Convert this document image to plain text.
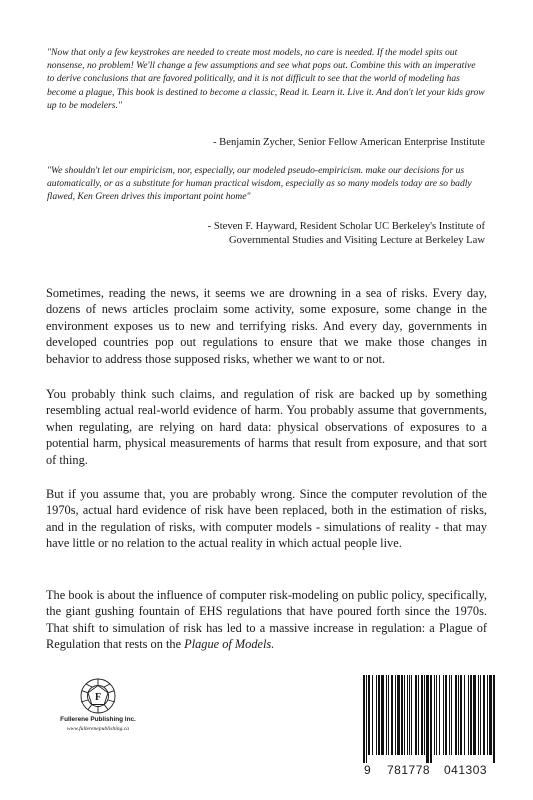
"Now that only a few keystrokes are needed to create most models, no care is needed. If the model spits out nonsense, no problem! We'll change a few assumptions and see what pops out. Combine this with an imperative to derive conclusions that are favored politically, and it is not difficult to see that the world of modeling has become a plague, This book is destined to become a classic, Read it. Learn it. Live it. And don't let your kids grow up to be modelers."

- Benjamin Zycher, Senior Fellow American Enterprise Institute

"We shouldn't let our empiricism, nor, especially, our modeled pseudo-empiricism. make our decisions for us automatically, or as a substitute for human practical wisdom, especially as so many models today are so badly flawed, Ken Green drives this important point home"

- Steven F. Hayward, Resident Scholar UC Berkeley's Institute of
Governmental Studies and Visiting Lecture at Berkeley Law

Sometimes, reading the news, it seems we are drowning in a sea of risks. Every day, dozens of news articles proclaim some activity, some exposure, some change in the environment exposes us to new and terrifying risks. And every day, governments in developed countries pop out regulations to ensure that we make those changes in behavior to address those supposed risks, whether we want to or not.

You probably think such claims, and regulation of risk are backed up by something resembling actual real-world evidence of harm. You probably assume that governments, when regulating, are relying on hard data: physical observations of exposures to a potential harm, physical measurements of harms that result from exposure, and that sort of thing.

But if you assume that, you are probably wrong. Since the computer revolution of the 1970s, actual hard evidence of risk have been replaced, both in the estimation of risks, and in the regulation of risks, with computer models - simulations of reality - that may have little or no relation to the actual reality in which actual people live.

The book is about the influence of computer risk-modeling on public policy, specifically, the giant gushing fountain of EHS regulations that have poured forth since the 1970s. That shift to simulation of risk has led to a massive increase in regulation: a Plague of Regulation that rests on the Plague of Models.

F

Fullerene Publishing Inc.

www.fullerenepublishing.ca

9 781778 041303
